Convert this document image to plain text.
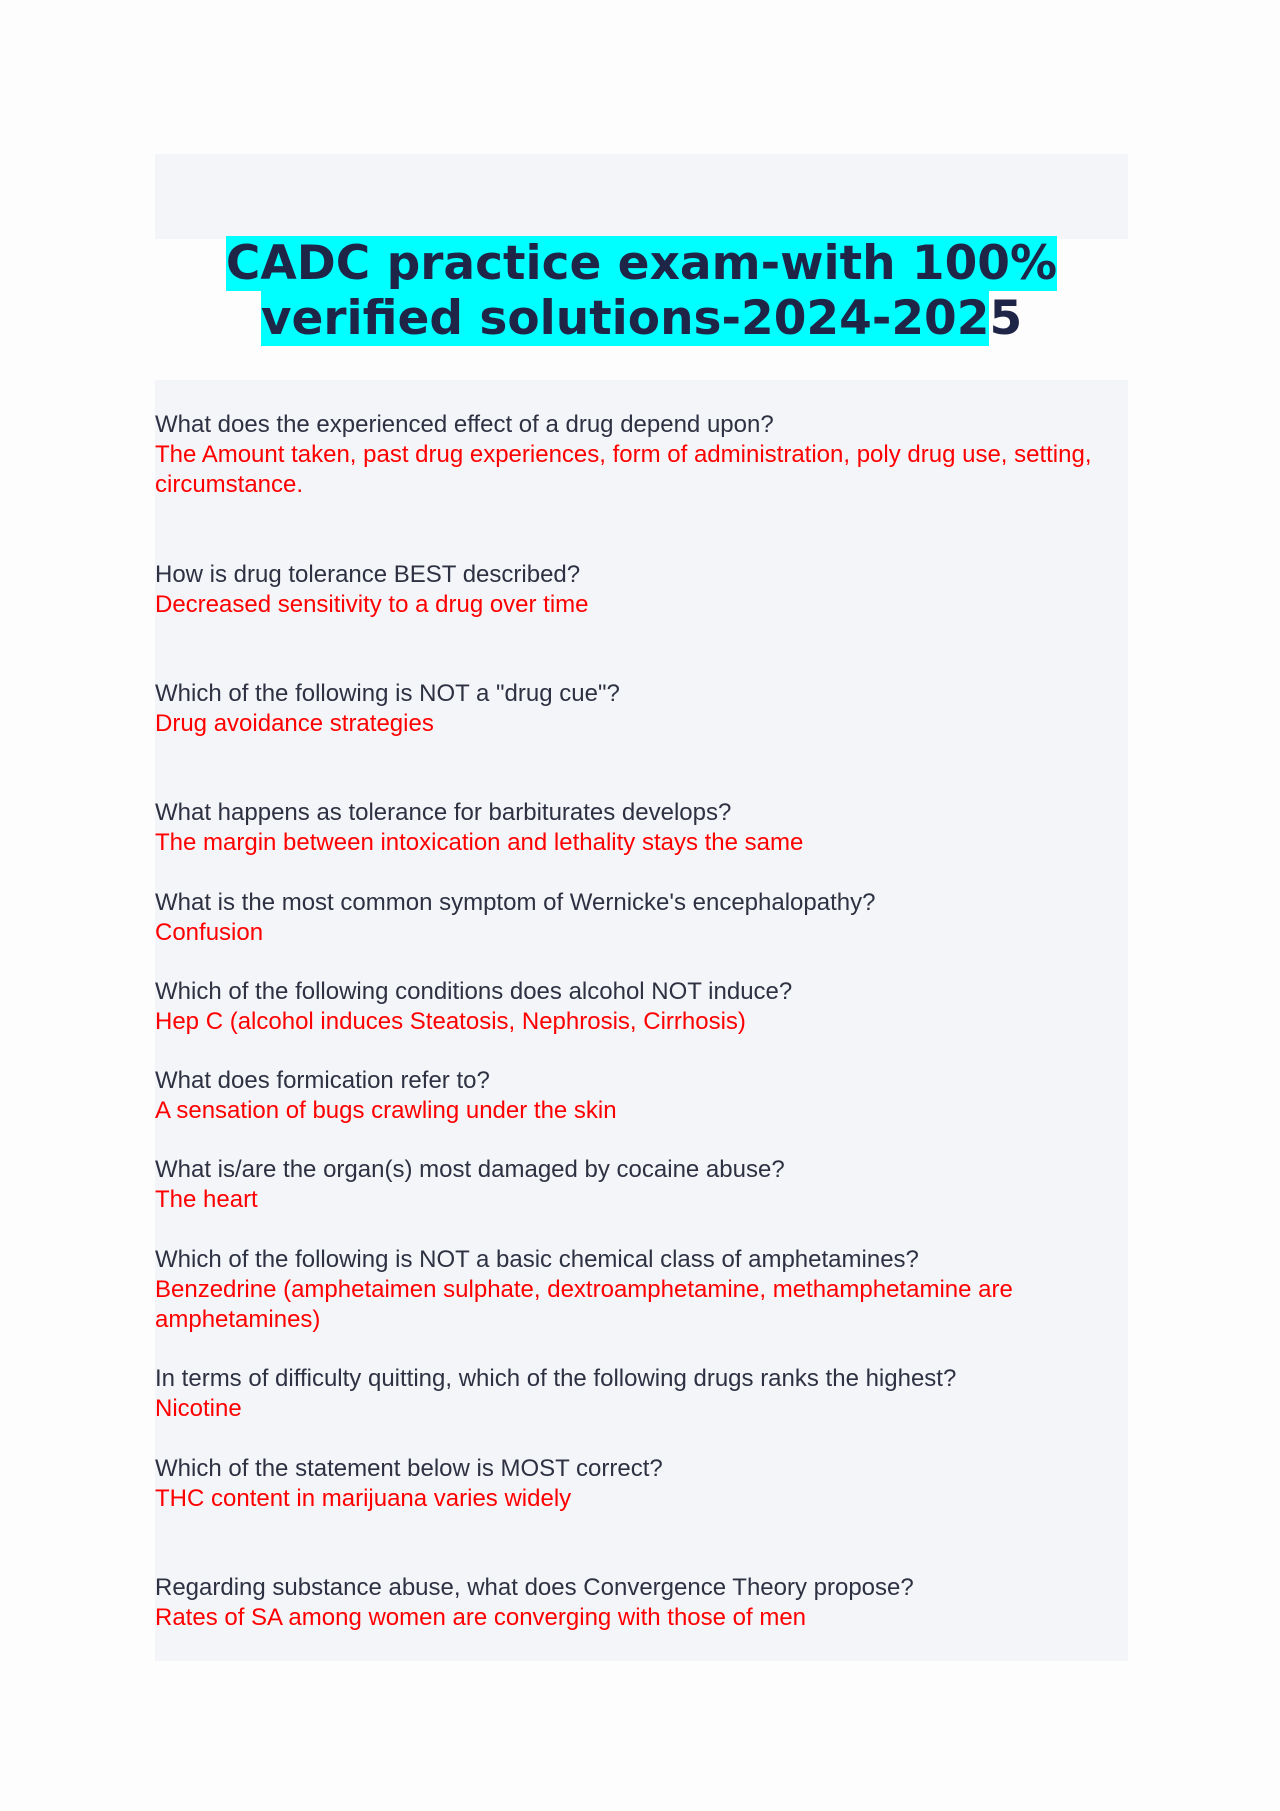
CADC practice exam-with 100% verified solutions-2024-2025
What does the experienced effect of a drug depend upon?
The Amount taken, past drug experiences, form of administration, poly drug use, setting, circumstance.
How is drug tolerance BEST described?
Decreased sensitivity to a drug over time
Which of the following is NOT a "drug cue"?
Drug avoidance strategies
What happens as tolerance for barbiturates develops?
The margin between intoxication and lethality stays the same
What is the most common symptom of Wernicke's encephalopathy?
Confusion
Which of the following conditions does alcohol NOT induce?
Hep C (alcohol induces Steatosis, Nephrosis, Cirrhosis)
What does formication refer to?
A sensation of bugs crawling under the skin
What is/are the organ(s) most damaged by cocaine abuse?
The heart
Which of the following is NOT a basic chemical class of amphetamines?
Benzedrine (amphetaimen sulphate, dextroamphetamine, methamphetamine are amphetamines)
In terms of difficulty quitting, which of the following drugs ranks the highest?
Nicotine
Which of the statement below is MOST correct?
THC content in marijuana varies widely
Regarding substance abuse, what does Convergence Theory propose?
Rates of SA among women are converging with those of men
